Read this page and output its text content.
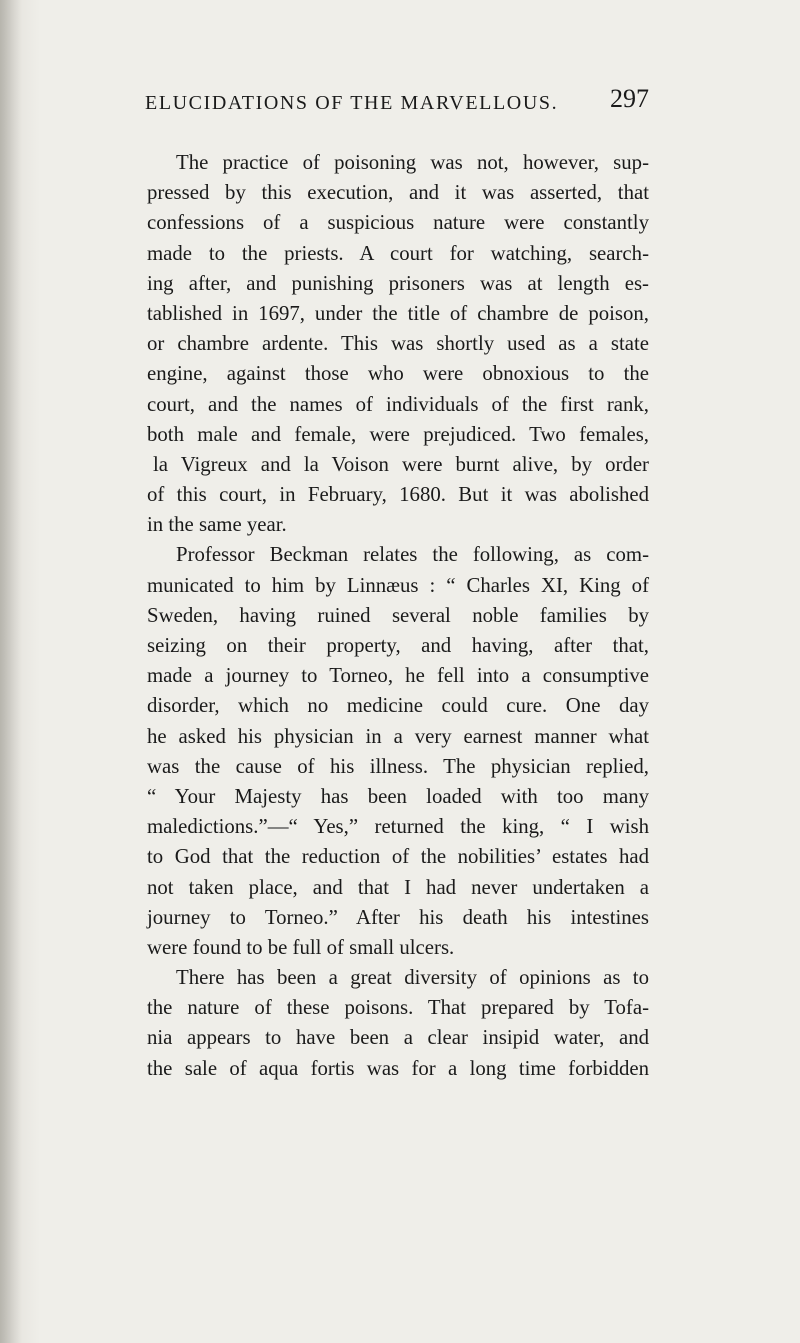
ELUCIDATIONS OF THE MARVELLOUS. 297
The practice of poisoning was not, however, sup-
pressed by this execution, and it was asserted, that
confessions of a suspicious nature were constantly
made to the priests. A court for watching, search-
ing after, and punishing prisoners was at length es-
tablished in 1697, under the title of chambre de poison,
or chambre ardente. This was shortly used as a state
engine, against those who were obnoxious to the
court, and the names of individuals of the first rank,
both male and female, were prejudiced. Two females,
la Vigreux and la Voison were burnt alive, by order
of this court, in February, 1680. But it was abolished
in the same year.
Professor Beckman relates the following, as com-
municated to him by Linnæus : “ Charles XI, King of
Sweden, having ruined several noble families by
seizing on their property, and having, after that,
made a journey to Torneo, he fell into a consumptive
disorder, which no medicine could cure. One day
he asked his physician in a very earnest manner what
was the cause of his illness. The physician replied,
“ Your Majesty has been loaded with too many
maledictions.”—“ Yes,” returned the king, “ I wish
to God that the reduction of the nobilities’ estates had
not taken place, and that I had never undertaken a
journey to Torneo.” After his death his intestines
were found to be full of small ulcers.
There has been a great diversity of opinions as to
the nature of these poisons. That prepared by Tofa-
nia appears to have been a clear insipid water, and
the sale of aqua fortis was for a long time forbidden
